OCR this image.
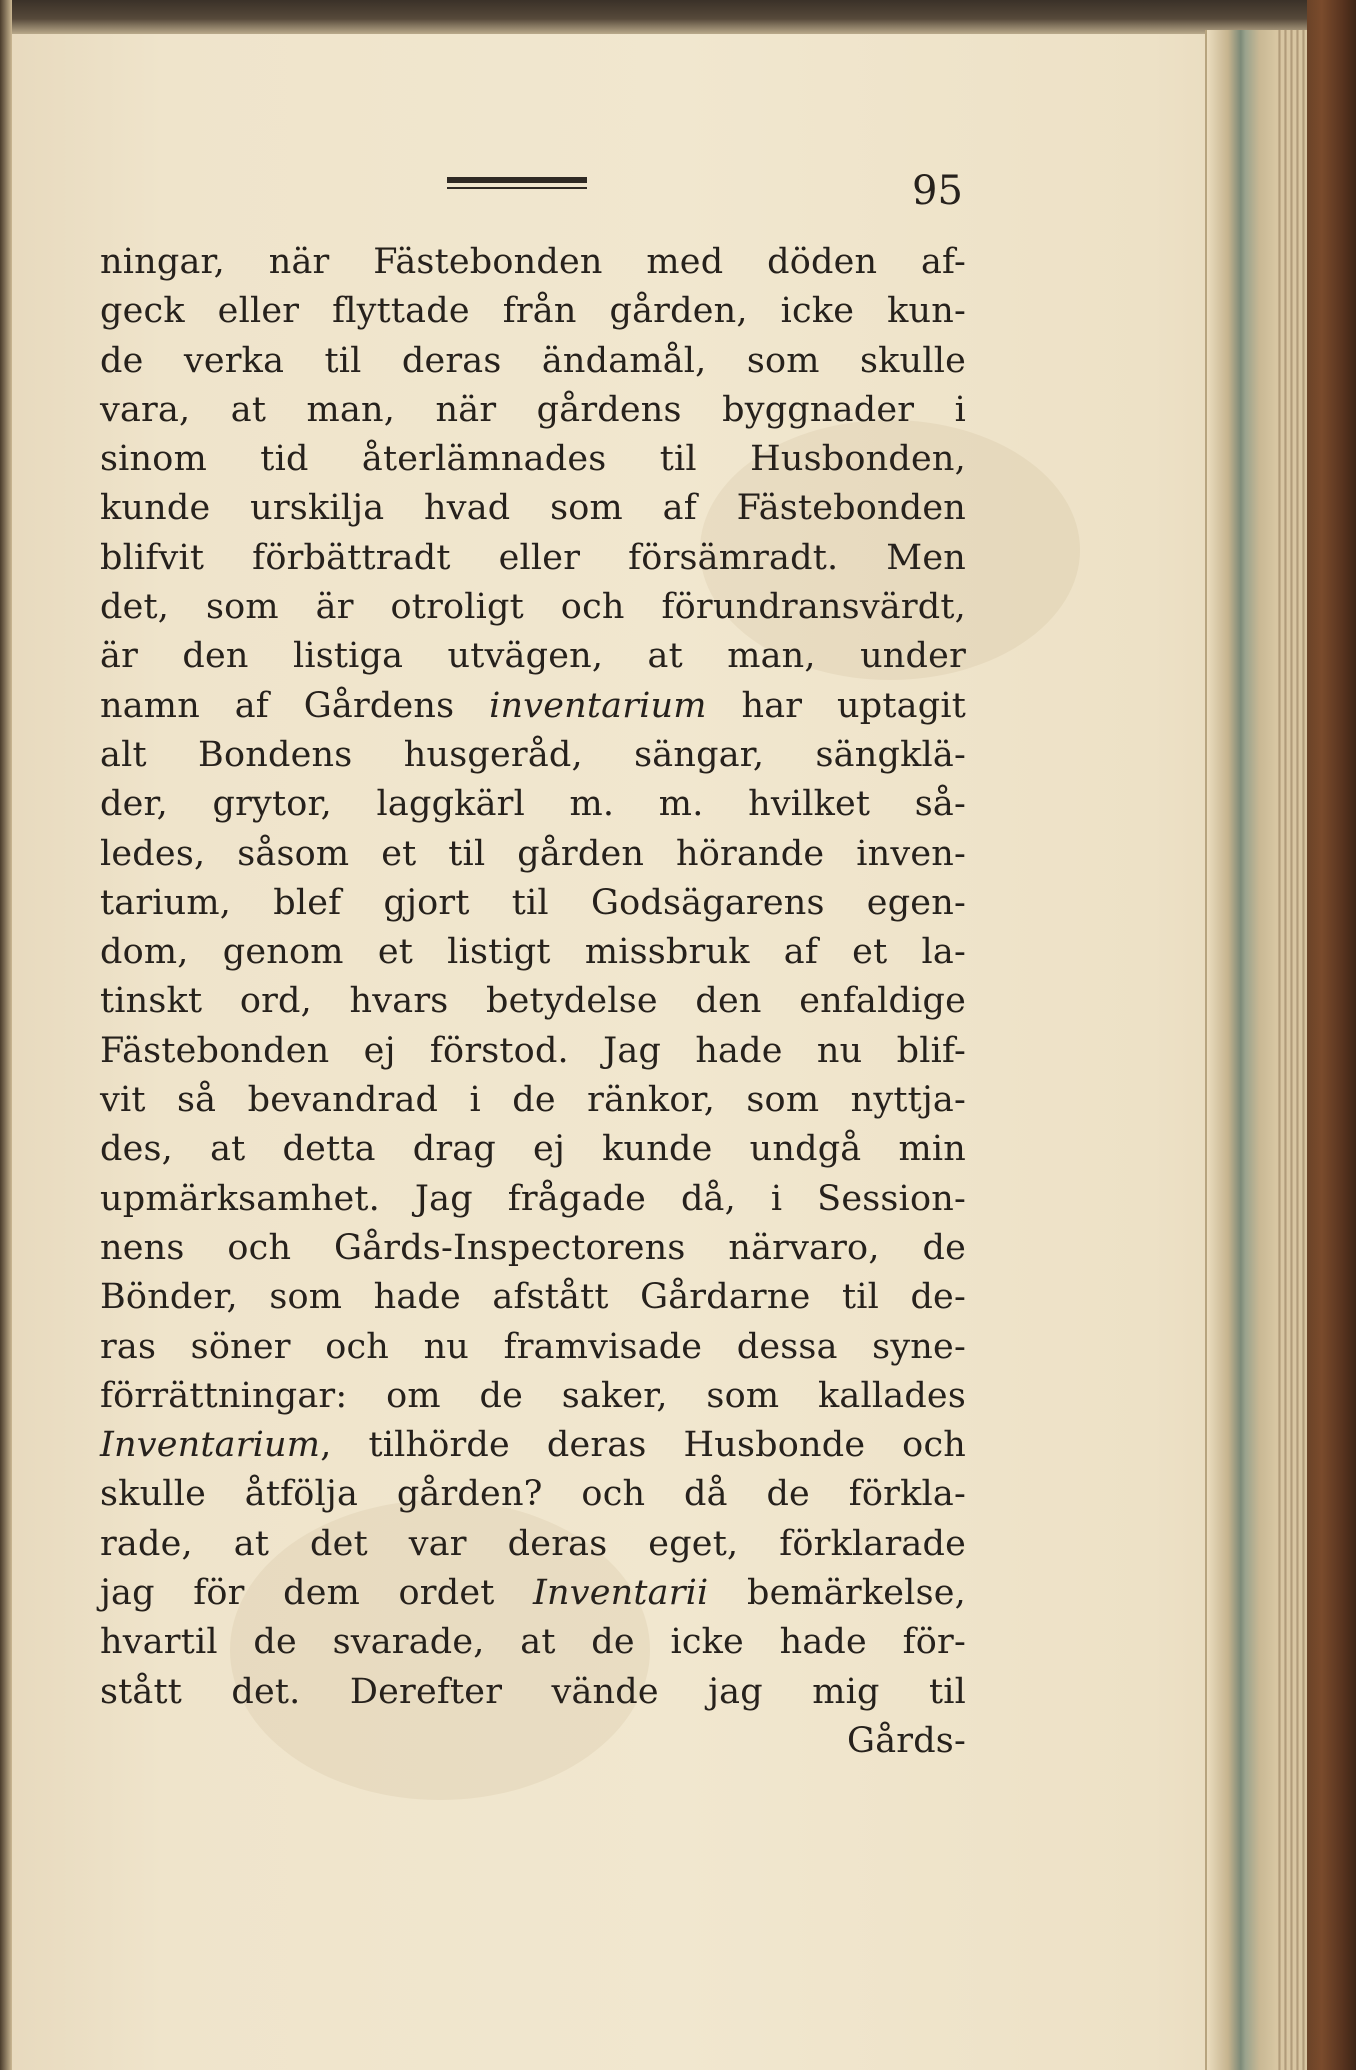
95
ningar, när Fästebonden med döden af-
geck eller flyttade från gården, icke kun-
de verka til deras ändamål, som skulle
vara, at man, när gårdens byggnader i
sinom tid återlämnades til Husbonden,
kunde urskilja hvad som af Fästebonden
blifvit förbättradt eller försämradt. Men
det, som är otroligt och förundransvärdt,
är den listiga utvägen, at man, under
namn af Gårdens inventarium har uptagit
alt Bondens husgeråd, sängar, sängklä-
der, grytor, laggkärl m. m. hvilket så-
ledes, såsom et til gården hörande inven-
tarium, blef gjort til Godsägarens egen-
dom, genom et listigt missbruk af et la-
tinskt ord, hvars betydelse den enfaldige
Fästebonden ej förstod. Jag hade nu blif-
vit så bevandrad i de ränkor, som nyttja-
des, at detta drag ej kunde undgå min
upmärksamhet. Jag frågade då, i Session-
nens och Gårds-Inspectorens närvaro, de
Bönder, som hade afstått Gårdarne til de-
ras söner och nu framvisade dessa syne-
förrättningar: om de saker, som kallades
Inventarium, tilhörde deras Husbonde och
skulle åtfölja gården? och då de förkla-
rade, at det var deras eget, förklarade
jag för dem ordet Inventarii bemärkelse,
hvartil de svarade, at de icke hade för-
stått det. Derefter vände jag mig til
Gårds-
